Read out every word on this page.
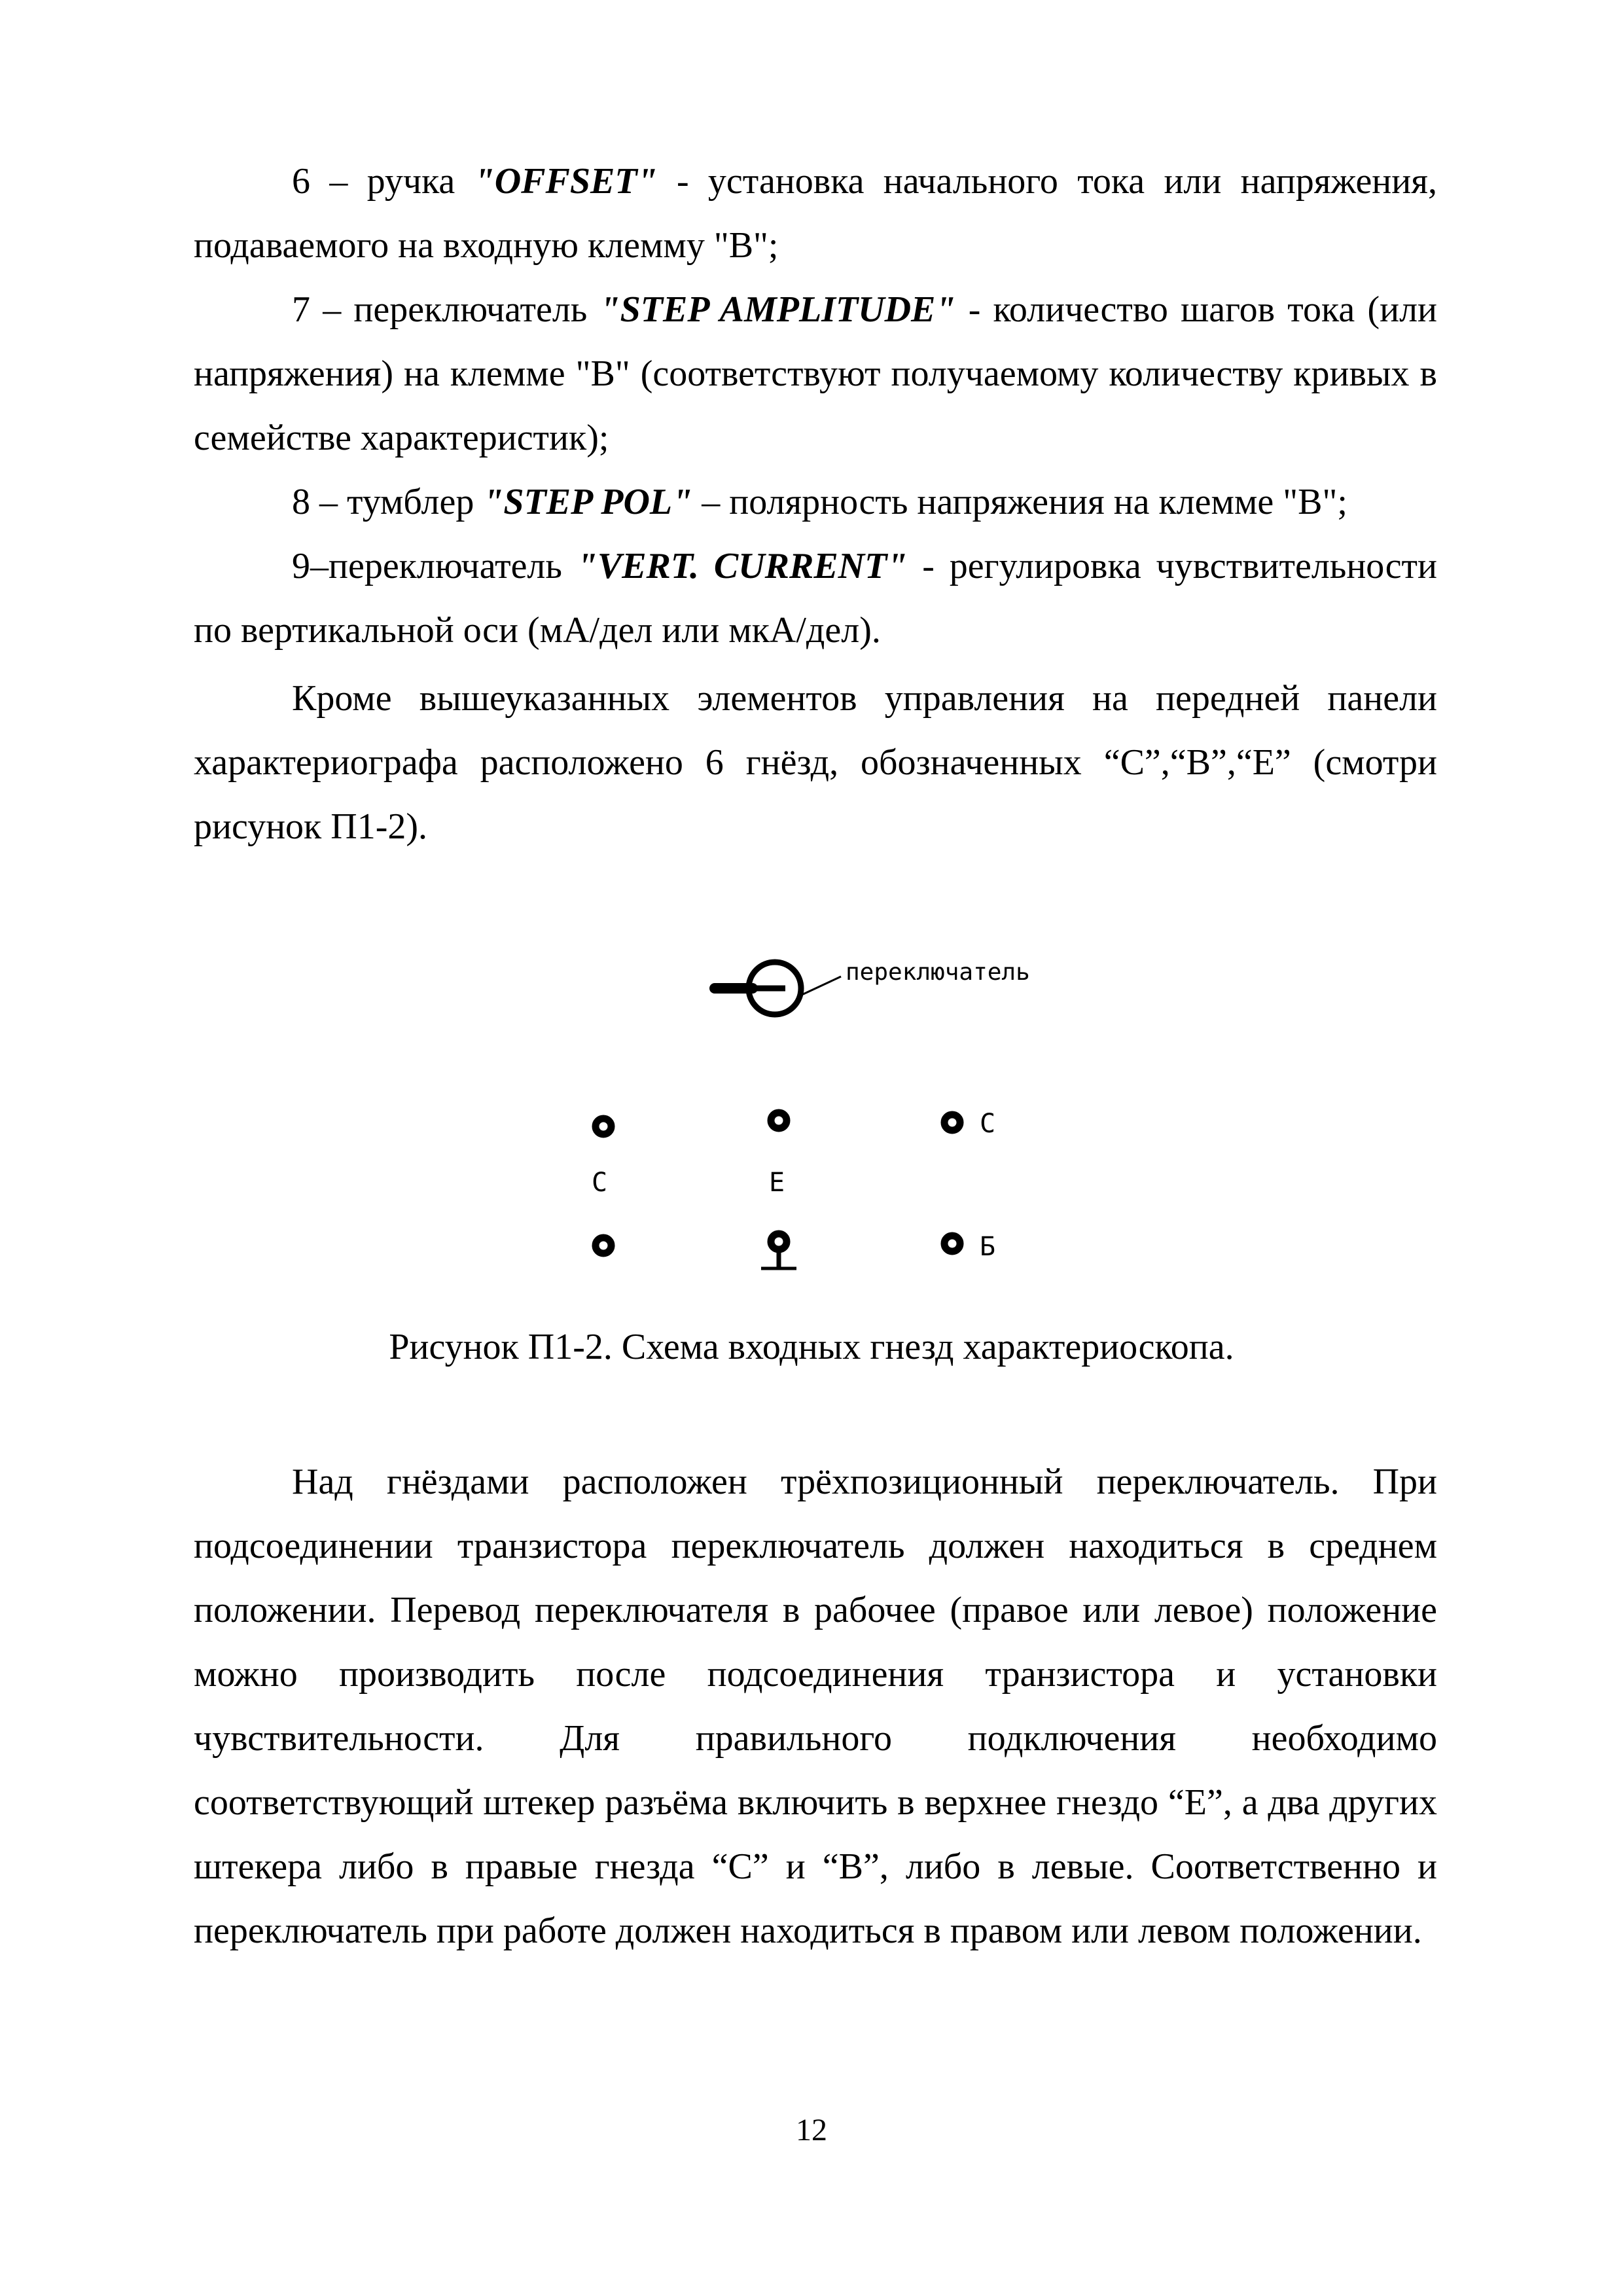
6 – ручка "OFFSET" - установка начального тока или напряжения, подаваемого на входную клемму "B";

7 – переключатель "STEP AMPLITUDE" - количество шагов тока (или напряжения) на клемме "B" (соответствуют получаемому количеству кривых в семействе характеристик);

8 – тумблер "STEP POL" – полярность напряжения на клемме "B";

9–переключатель "VERT. CURRENT" - регулировка чувствительности по вертикальной оси (мА/дел или мкА/дел).

Кроме вышеуказанных элементов управления на передней панели характериографа расположено 6 гнёзд, обозначенных “C”,“B”,“E” (смотри рисунок П1-2).

переключатель
С
С	Е
Б
Рисунок П1-2. Схема входных гнезд характериоскопа.

Над гнёздами расположен трёхпозиционный переключатель. При подсоединении транзистора переключатель должен находиться в среднем положении. Перевод переключателя в рабочее (правое или левое) положение можно производить после подсоединения транзистора и установки чувствительности. Для правильного подключения необходимо соответствующий штекер разъёма включить в верхнее гнездо “E”, а два других штекера либо в правые гнезда “C” и “B”, либо в левые. Соответственно и переключатель при работе должен находиться в правом или левом положении.

12
